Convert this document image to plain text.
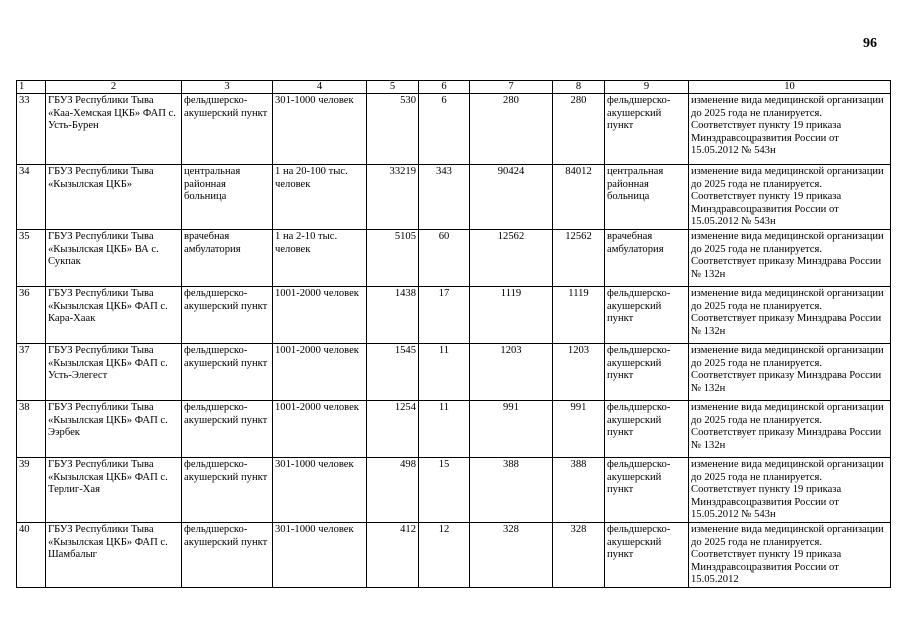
96
1	2	3	4	5	6	7	8	9	10
33	ГБУЗ Республики Тыва «Каа-Хемская ЦКБ» ФАП с. Усть-Бурен	фельдшерско-акушерский пункт	301-1000 человек	530	6	280	280	фельдшерско-акушерский пункт	изменение вида медицинской организации до 2025 года не планируется. Соответствует пункту 19 приказа Минздравсоцразвития России от 15.05.2012 № 543н
34	ГБУЗ Республики Тыва «Кызылская ЦКБ»	центральная районная больница	1 на 20-100 тыс. человек	33219	343	90424	84012	центральная районная больница	изменение вида медицинской организации до 2025 года не планируется. Соответствует пункту 19 приказа Минздравсоцразвития России от 15.05.2012 № 543н
35	ГБУЗ Республики Тыва «Кызылская ЦКБ» ВА с. Сукпак	врачебная амбулатория	1 на 2-10 тыс. человек	5105	60	12562	12562	врачебная амбулатория	изменение вида медицинской организации до 2025 года не планируется. Соответствует приказу Минздрава России № 132н
36	ГБУЗ Республики Тыва «Кызылская ЦКБ» ФАП с. Кара-Хаак	фельдшерско-акушерский пункт	1001-2000 человек	1438	17	1119	1119	фельдшерско-акушерский пункт	изменение вида медицинской организации до 2025 года не планируется. Соответствует приказу Минздрава России № 132н
37	ГБУЗ Республики Тыва «Кызылская ЦКБ» ФАП с. Усть-Элегест	фельдшерско-акушерский пункт	1001-2000 человек	1545	11	1203	1203	фельдшерско-акушерский пункт	изменение вида медицинской организации до 2025 года не планируется. Соответствует приказу Минздрава России № 132н
38	ГБУЗ Республики Тыва «Кызылская ЦКБ» ФАП с. Ээрбек	фельдшерско-акушерский пункт	1001-2000 человек	1254	11	991	991	фельдшерско-акушерский пункт	изменение вида медицинской организации до 2025 года не планируется. Соответствует приказу Минздрава России № 132н
39	ГБУЗ Республики Тыва «Кызылская ЦКБ» ФАП с. Терлиг-Хая	фельдшерско-акушерский пункт	301-1000 человек	498	15	388	388	фельдшерско-акушерский пункт	изменение вида медицинской организации до 2025 года не планируется. Соответствует пункту 19 приказа Минздравсоцразвития России от 15.05.2012 № 543н
40	ГБУЗ Республики Тыва «Кызылская ЦКБ» ФАП с. Шамбалыг	фельдшерско-акушерский пункт	301-1000 человек	412	12	328	328	фельдшерско-акушерский пункт	изменение вида медицинской организации до 2025 года не планируется. Соответствует пункту 19 приказа Минздравсоцразвития России от 15.05.2012
